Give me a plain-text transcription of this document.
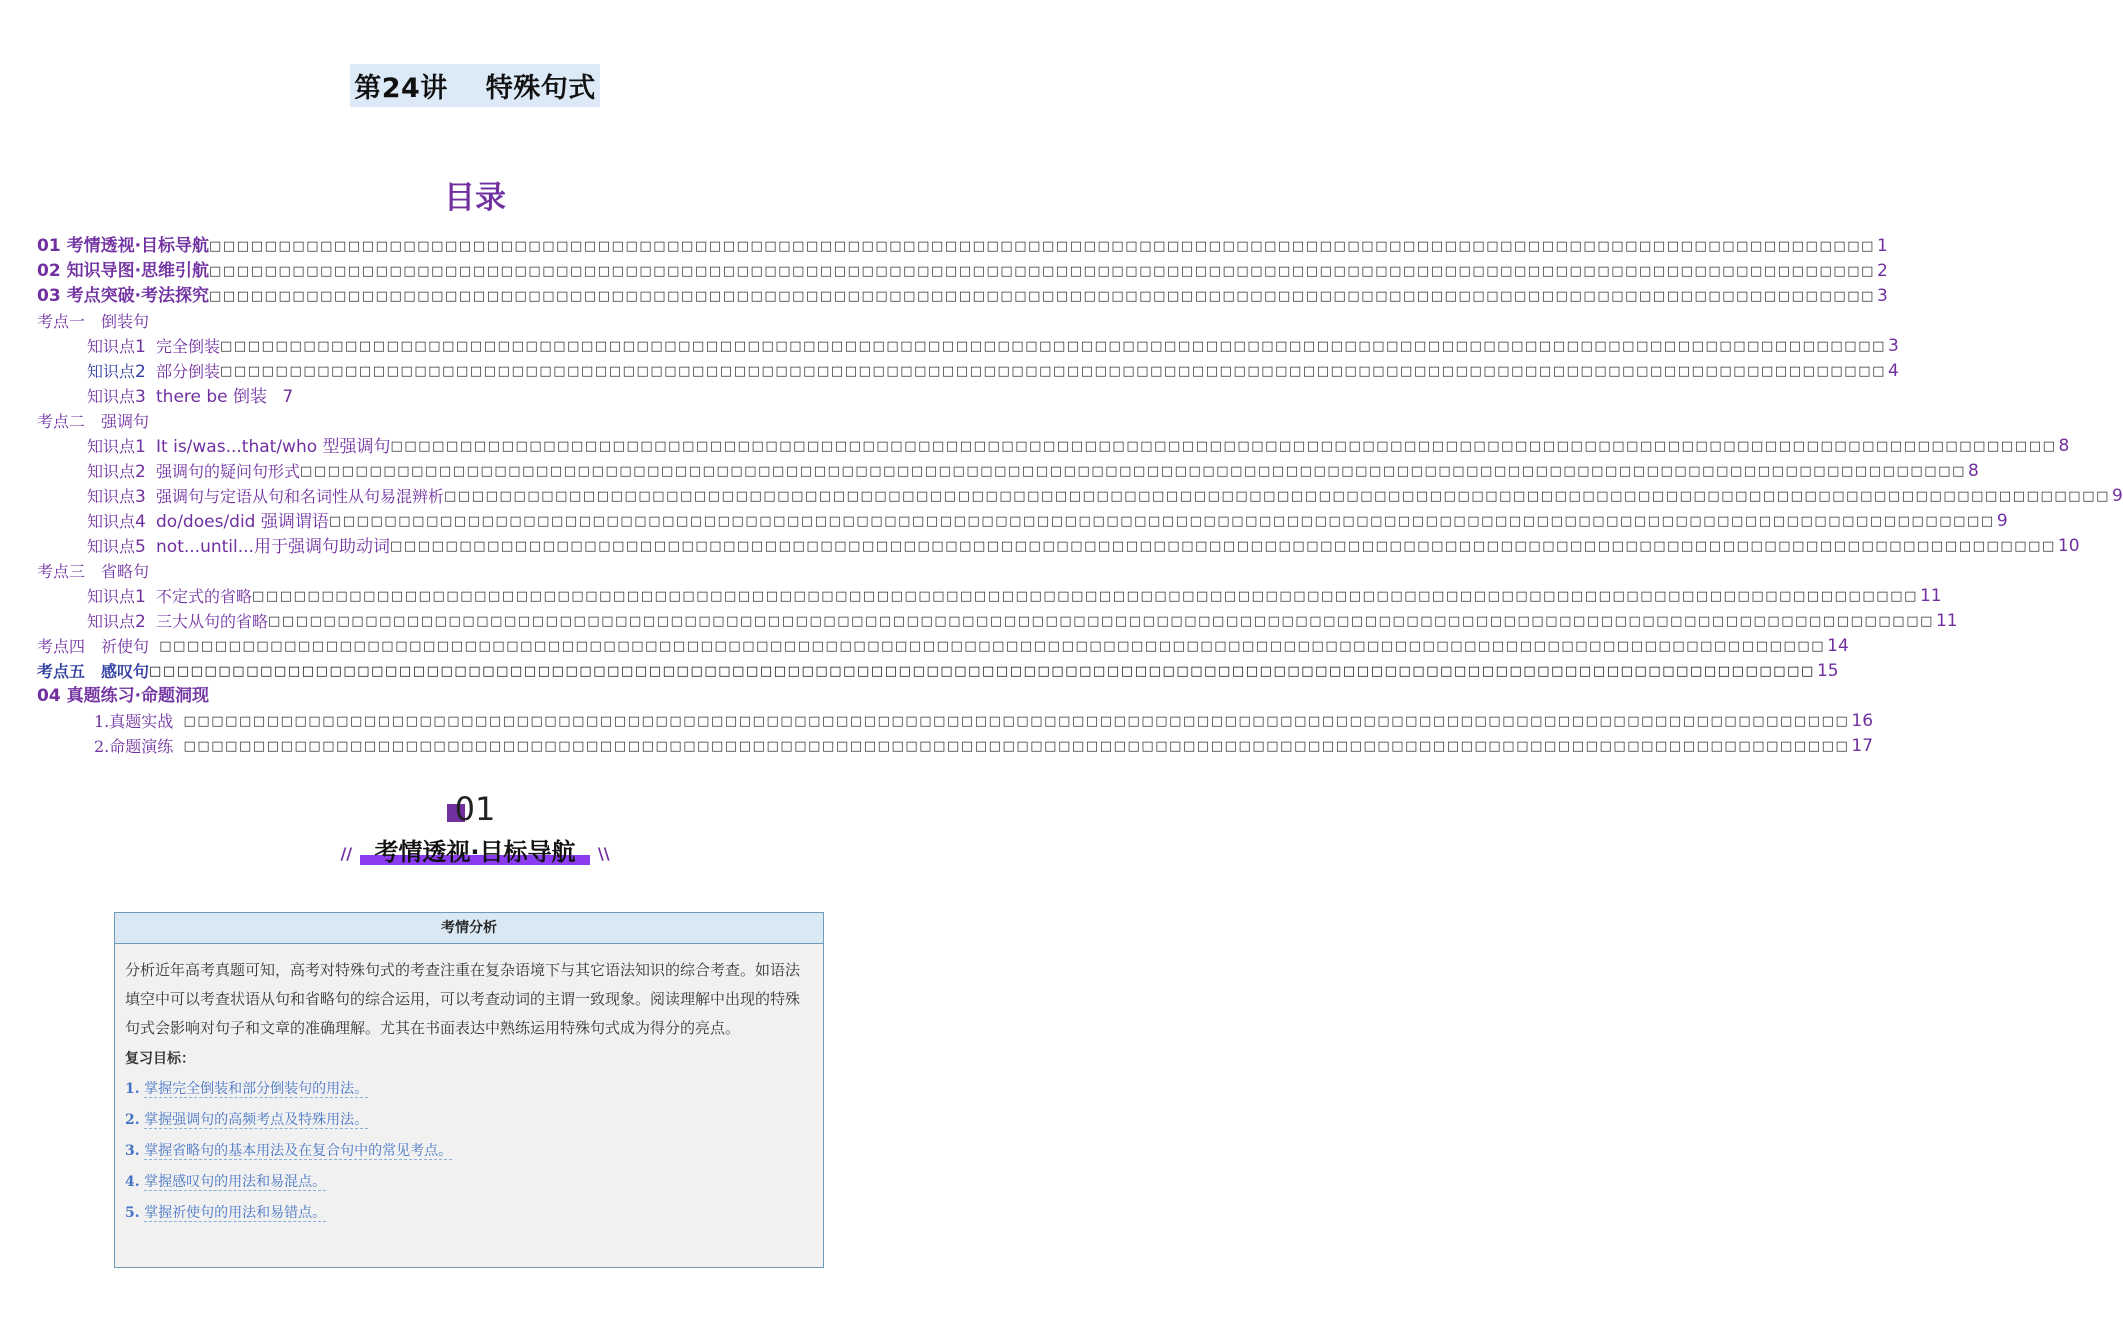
第24讲 特殊句式
目录
01 考情透视·目标导航 □□□□□□□□□□□□□□□□□□□□□□□□□□□□□□□□□□□□□□□□□□□□□□□□□□□□□□□□□□□□□□□□□□□□□□□□□□□□□□□□□□□□□□□□□□□□□□□□□□□□□□□□□□□□□□□□□□□□□□□□ 1
02 知识导图·思维引航 □□□□□□□□□□□□□□□□□□□□□□□□□□□□□□□□□□□□□□□□□□□□□□□□□□□□□□□□□□□□□□□□□□□□□□□□□□□□□□□□□□□□□□□□□□□□□□□□□□□□□□□□□□□□□□□□□□□□□□□□ 2
03 考点突破·考法探究 □□□□□□□□□□□□□□□□□□□□□□□□□□□□□□□□□□□□□□□□□□□□□□□□□□□□□□□□□□□□□□□□□□□□□□□□□□□□□□□□□□□□□□□□□□□□□□□□□□□□□□□□□□□□□□□□□□□□□□□□ 3
考点一　倒装句
知识点1 完全倒装 □□□□□□□□□□□□□□□□□□□□□□□□□□□□□□□□□□□□□□□□□□□□□□□□□□□□□□□□□□□□□□□□□□□□□□□□□□□□□□□□□□□□□□□□□□□□□□□□□□□□□□□□□□□□□□□□□□□□□□□□ 3
知识点2 部分倒装 □□□□□□□□□□□□□□□□□□□□□□□□□□□□□□□□□□□□□□□□□□□□□□□□□□□□□□□□□□□□□□□□□□□□□□□□□□□□□□□□□□□□□□□□□□□□□□□□□□□□□□□□□□□□□□□□□□□□□□□□ 4
知识点3 there be 倒装 7
考点二　强调句
知识点1 It is/was...that/who 型强调句 □□□□□□□□□□□□□□□□□□□□□□□□□□□□□□□□□□□□□□□□□□□□□□□□□□□□□□□□□□□□□□□□□□□□□□□□□□□□□□□□□□□□□□□□□□□□□□□□□□□□□□□□□□□□□□□□□□□□□□□□ 8
知识点2 强调句的疑问句形式 □□□□□□□□□□□□□□□□□□□□□□□□□□□□□□□□□□□□□□□□□□□□□□□□□□□□□□□□□□□□□□□□□□□□□□□□□□□□□□□□□□□□□□□□□□□□□□□□□□□□□□□□□□□□□□□□□□□□□□□□ 8
知识点3 强调句与定语从句和名词性从句易混辨析 □□□□□□□□□□□□□□□□□□□□□□□□□□□□□□□□□□□□□□□□□□□□□□□□□□□□□□□□□□□□□□□□□□□□□□□□□□□□□□□□□□□□□□□□□□□□□□□□□□□□□□□□□□□□□□□□□□□□□□□□ 9
知识点4 do/does/did 强调谓语 □□□□□□□□□□□□□□□□□□□□□□□□□□□□□□□□□□□□□□□□□□□□□□□□□□□□□□□□□□□□□□□□□□□□□□□□□□□□□□□□□□□□□□□□□□□□□□□□□□□□□□□□□□□□□□□□□□□□□□□□ 9
知识点5 not...until...用于强调句助动词 □□□□□□□□□□□□□□□□□□□□□□□□□□□□□□□□□□□□□□□□□□□□□□□□□□□□□□□□□□□□□□□□□□□□□□□□□□□□□□□□□□□□□□□□□□□□□□□□□□□□□□□□□□□□□□□□□□□□□□□□ 10
考点三　省略句
知识点1 不定式的省略 □□□□□□□□□□□□□□□□□□□□□□□□□□□□□□□□□□□□□□□□□□□□□□□□□□□□□□□□□□□□□□□□□□□□□□□□□□□□□□□□□□□□□□□□□□□□□□□□□□□□□□□□□□□□□□□□□□□□□□□□ 11
知识点2 三大从句的省略 □□□□□□□□□□□□□□□□□□□□□□□□□□□□□□□□□□□□□□□□□□□□□□□□□□□□□□□□□□□□□□□□□□□□□□□□□□□□□□□□□□□□□□□□□□□□□□□□□□□□□□□□□□□□□□□□□□□□□□□□ 11
考点四　祈使句
□□□□□□□□□□□□□□□□□□□□□□□□□□□□□□□□□□□□□□□□□□□□□□□□□□□□□□□□□□□□□□□□□□□□□□□□□□□□□□□□□□□□□□□□□□□□□□□□□□□□□□□□□□□□□□□□□□□□□□□□ 14
考点五　感叹句 □□□□□□□□□□□□□□□□□□□□□□□□□□□□□□□□□□□□□□□□□□□□□□□□□□□□□□□□□□□□□□□□□□□□□□□□□□□□□□□□□□□□□□□□□□□□□□□□□□□□□□□□□□□□□□□□□□□□□□□□ 15
04 真题练习·命题洞现
1.真题实战
□□□□□□□□□□□□□□□□□□□□□□□□□□□□□□□□□□□□□□□□□□□□□□□□□□□□□□□□□□□□□□□□□□□□□□□□□□□□□□□□□□□□□□□□□□□□□□□□□□□□□□□□□□□□□□□□□□□□□□□□ 16
2.命题演练
□□□□□□□□□□□□□□□□□□□□□□□□□□□□□□□□□□□□□□□□□□□□□□□□□□□□□□□□□□□□□□□□□□□□□□□□□□□□□□□□□□□□□□□□□□□□□□□□□□□□□□□□□□□□□□□□□□□□□□□□ 17
01
// 考情透视·目标导航 \\
考情分析

分析近年高考真题可知，高考对特殊句式的考查注重在复杂语境下与其它语法知识的综合考查。如语法填空中可以考查状语从句和省略句的综合运用，可以考查动词的主谓一致现象。阅读理解中出现的特殊句式会影响对句子和文章的准确理解。尤其在书面表达中熟练运用特殊句式成为得分的亮点。

复习目标：

1. 掌握完全倒装和部分倒装句的用法。

2. 掌握强调句的高频考点及特殊用法。

3. 掌握省略句的基本用法及在复合句中的常见考点。

4. 掌握感叹句的用法和易混点。

5. 掌握祈使句的用法和易错点。
